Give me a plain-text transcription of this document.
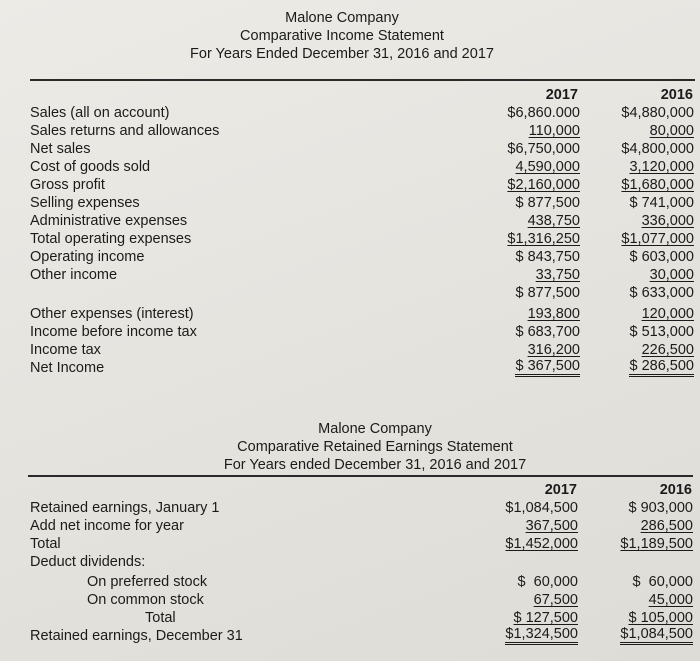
Malone Company
Comparative Income Statement
For Years Ended December 31, 2016 and 2017
2017	2016
Sales (all on account)	$6,860.000	$4,880,000
Sales returns and allowances	110,000	80,000
Net sales	$6,750,000	$4,800,000
Cost of goods sold	4,590,000	3,120,000
Gross profit	$2,160,000	$1,680,000
Selling expenses	$ 877,500	$ 741,000
Administrative expenses	438,750	336,000
Total operating expenses	$1,316,250	$1,077,000
Operating income	$ 843,750	$ 603,000
Other income	33,750	30,000
$ 877,500	$ 633,000
Other expenses (interest)	193,800	120,000
Income before income tax	$ 683,700	$ 513,000
Income tax	316,200	226,500
Net Income	$ 367,500	$ 286,500
Malone Company
Comparative Retained Earnings Statement
For Years ended December 31, 2016 and 2017
2017	2016
Retained earnings, January 1	$1,084,500	$ 903,000
Add net income for year	367,500	286,500
Total	$1,452,000	$1,189,500
Deduct dividends:
On preferred stock	$  60,000	$  60,000
On common stock	67,500	45,000
Total	$ 127,500	$ 105,000
Retained earnings, December 31	$1,324,500	$1,084,500
